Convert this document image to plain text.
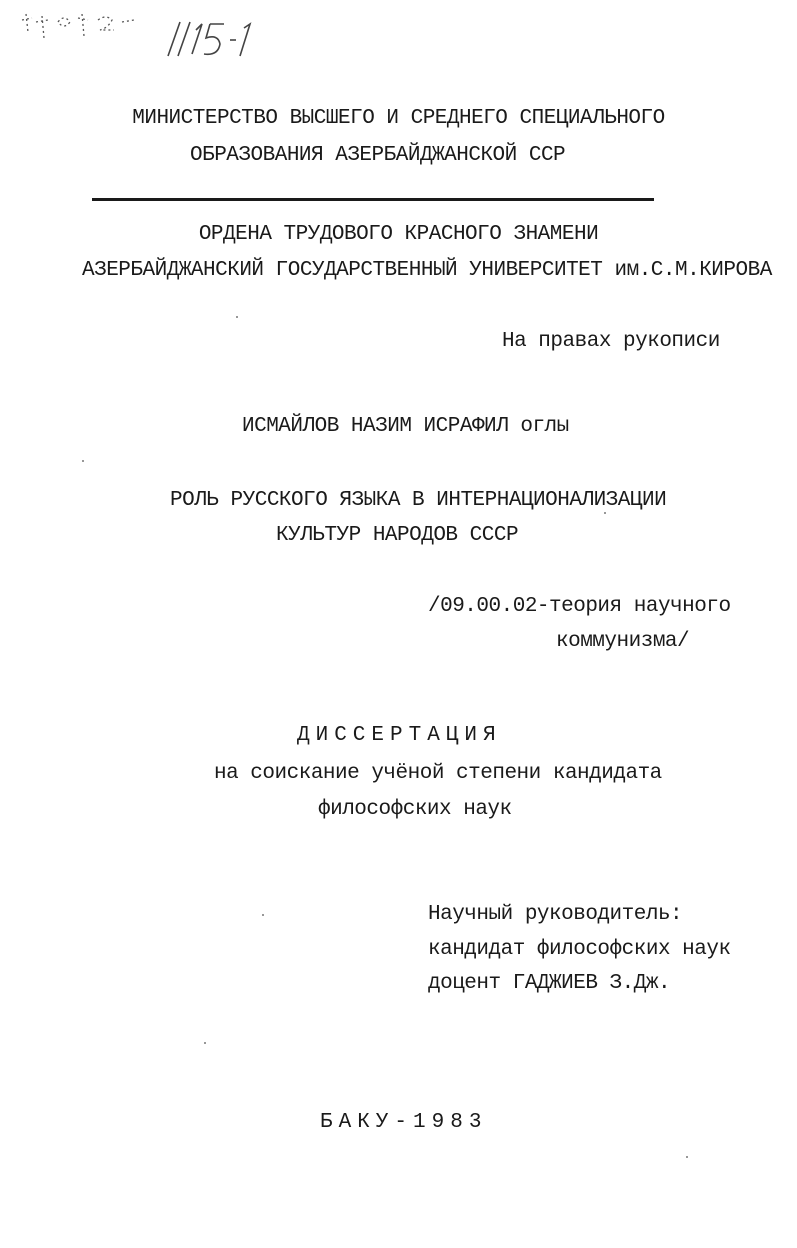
МИНИСТЕРСТВО ВЫСШЕГО И СРЕДНЕГО СПЕЦИАЛЬНОГО
ОБРАЗОВАНИЯ АЗЕРБАЙДЖАНСКОЙ ССР
ОРДЕНА ТРУДОВОГО КРАСНОГО ЗНАМЕНИ
АЗЕРБАЙДЖАНСКИЙ ГОСУДАРСТВЕННЫЙ УНИВЕРСИТЕТ им.С.М.КИРОВА
На правах рукописи
ИСМАЙЛОВ НАЗИМ ИСРАФИЛ оглы
РОЛЬ РУССКОГО ЯЗЫКА В ИНТЕРНАЦИОНАЛИЗАЦИИ
КУЛЬТУР НАРОДОВ СССР
/09.00.02-теория научного
коммунизма/
ДИССЕРТАЦИЯ
на соискание учёной степени кандидата
философских наук
Научный руководитель:
кандидат философских наук
доцент ГАДЖИЕВ З.Дж.
БАКУ-1983
